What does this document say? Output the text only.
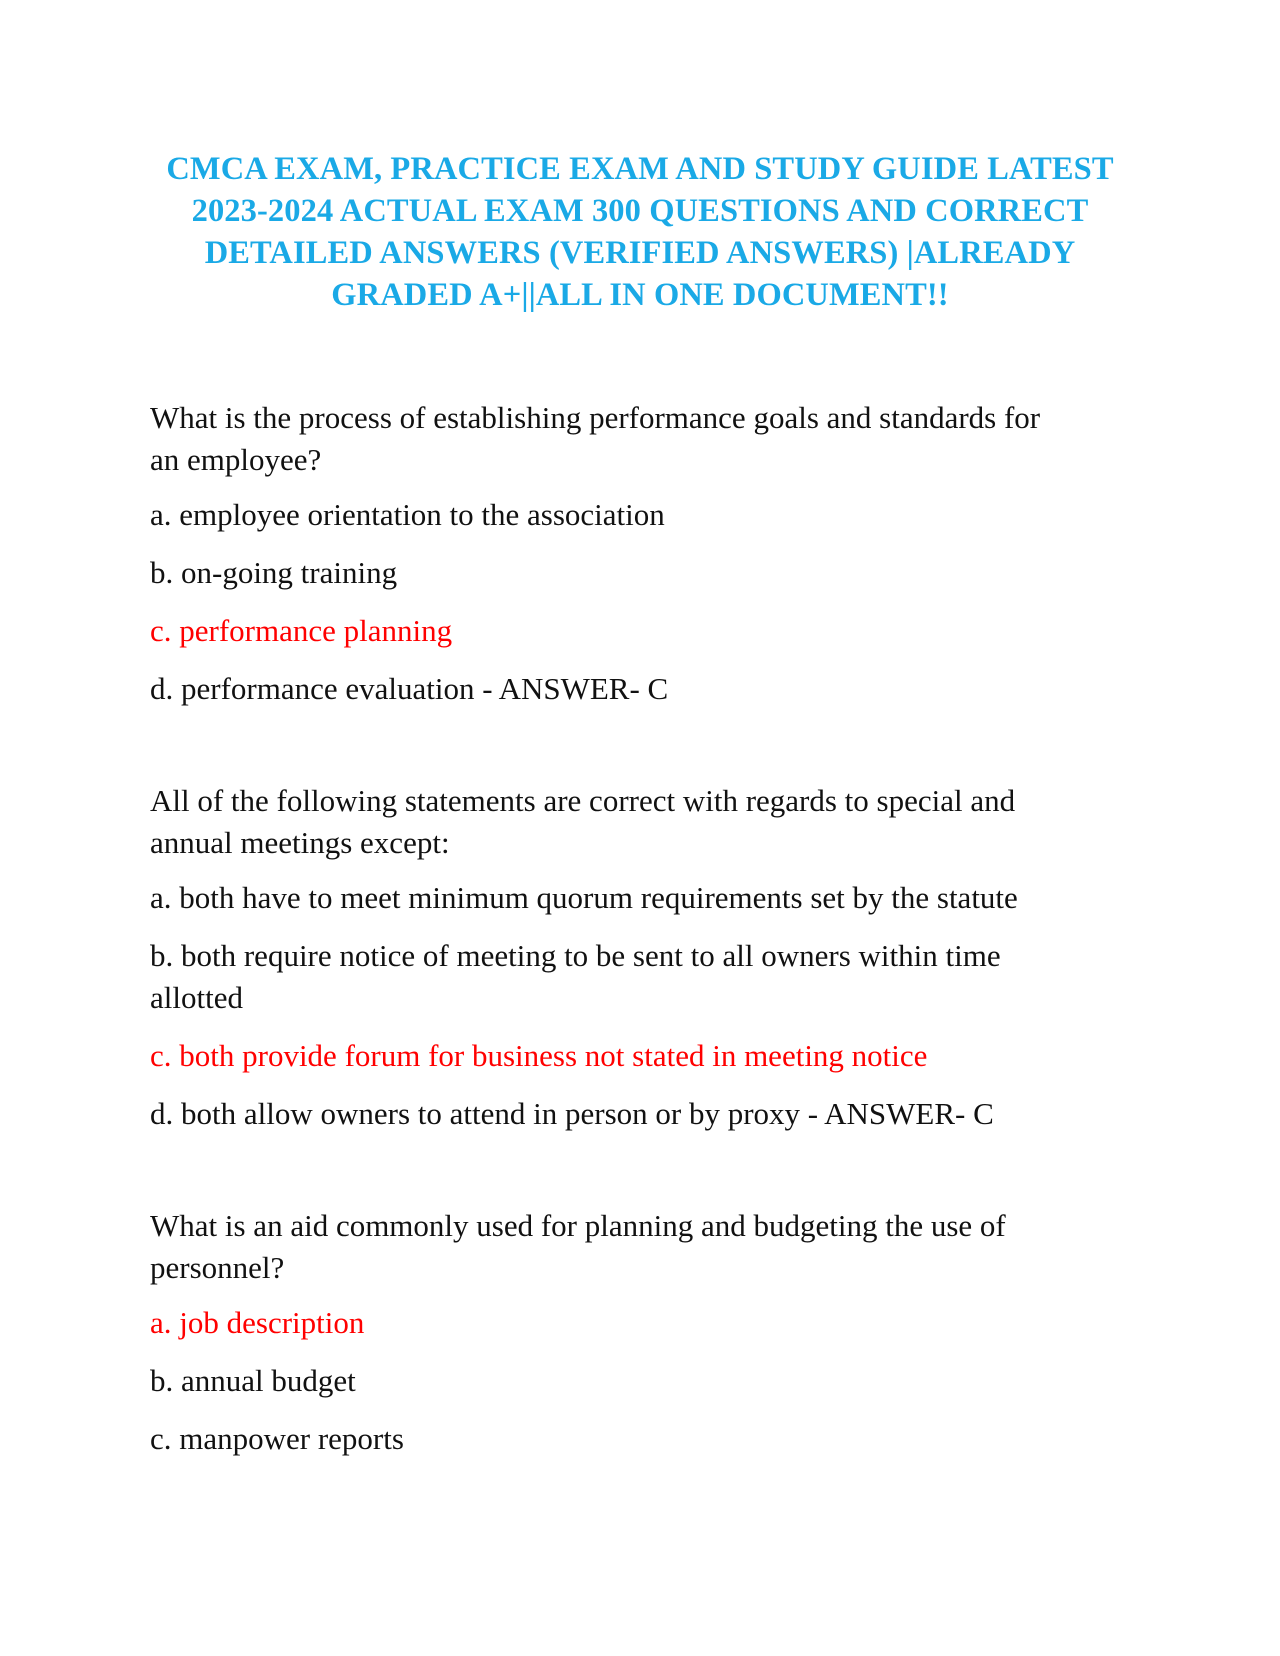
CMCA EXAM, PRACTICE EXAM AND STUDY GUIDE LATEST
2023-2024 ACTUAL EXAM 300 QUESTIONS AND CORRECT
DETAILED ANSWERS (VERIFIED ANSWERS) |ALREADY
GRADED A+||ALL IN ONE DOCUMENT!!

What is the process of establishing performance goals and standards for
an employee?

a. employee orientation to the association

b. on-going training

c. performance planning

d. performance evaluation - ANSWER- C

All of the following statements are correct with regards to special and
annual meetings except:

a. both have to meet minimum quorum requirements set by the statute

b. both require notice of meeting to be sent to all owners within time
allotted

c. both provide forum for business not stated in meeting notice

d. both allow owners to attend in person or by proxy - ANSWER- C

What is an aid commonly used for planning and budgeting the use of
personnel?

a. job description

b. annual budget

c. manpower reports
